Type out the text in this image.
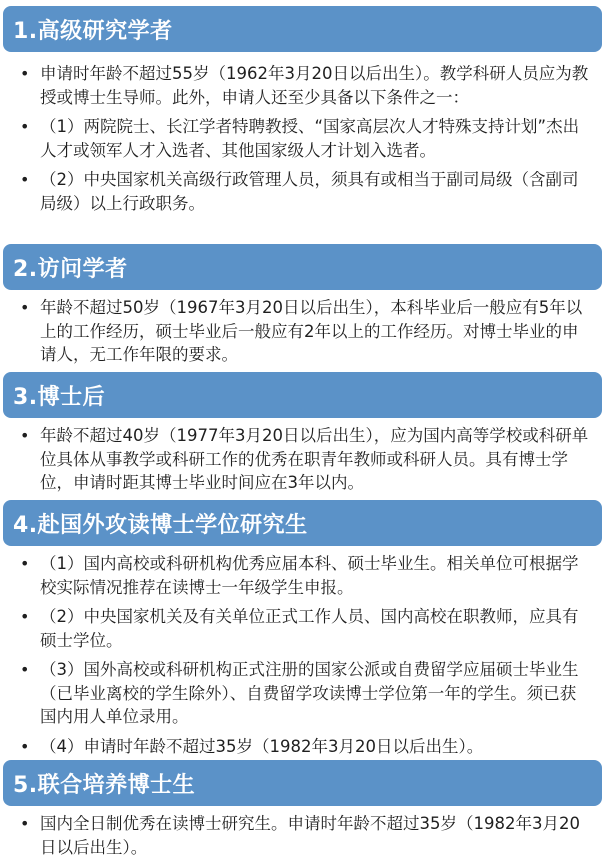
1.高级研究学者
• 申请时年龄不超过55岁（1962年3月20日以后出生）。教学科研人员应为教授或博士生导师。此外，申请人还至少具备以下条件之一：
• （1）两院院士、长江学者特聘教授、“国家高层次人才特殊支持计划”杰出人才或领军人才入选者、其他国家级人才计划入选者。
• （2）中央国家机关高级行政管理人员，须具有或相当于副司局级（含副司局级）以上行政职务。
2.访问学者
• 年龄不超过50岁（1967年3月20日以后出生），本科毕业后一般应有5年以上的工作经历，硕士毕业后一般应有2年以上的工作经历。对博士毕业的申请人，无工作年限的要求。
3.博士后
• 年龄不超过40岁（1977年3月20日以后出生），应为国内高等学校或科研单位具体从事教学或科研工作的优秀在职青年教师或科研人员。具有博士学位，申请时距其博士毕业时间应在3年以内。
4.赴国外攻读博士学位研究生
• （1）国内高校或科研机构优秀应届本科、硕士毕业生。相关单位可根据学校实际情况推荐在读博士一年级学生申报。
• （2）中央国家机关及有关单位正式工作人员、国内高校在职教师，应具有硕士学位。
• （3）国外高校或科研机构正式注册的国家公派或自费留学应届硕士毕业生（已毕业离校的学生除外）、自费留学攻读博士学位第一年的学生。须已获国内用人单位录用。
• （4）申请时年龄不超过35岁（1982年3月20日以后出生）。
5.联合培养博士生
• 国内全日制优秀在读博士研究生。申请时年龄不超过35岁（1982年3月20日以后出生）。
